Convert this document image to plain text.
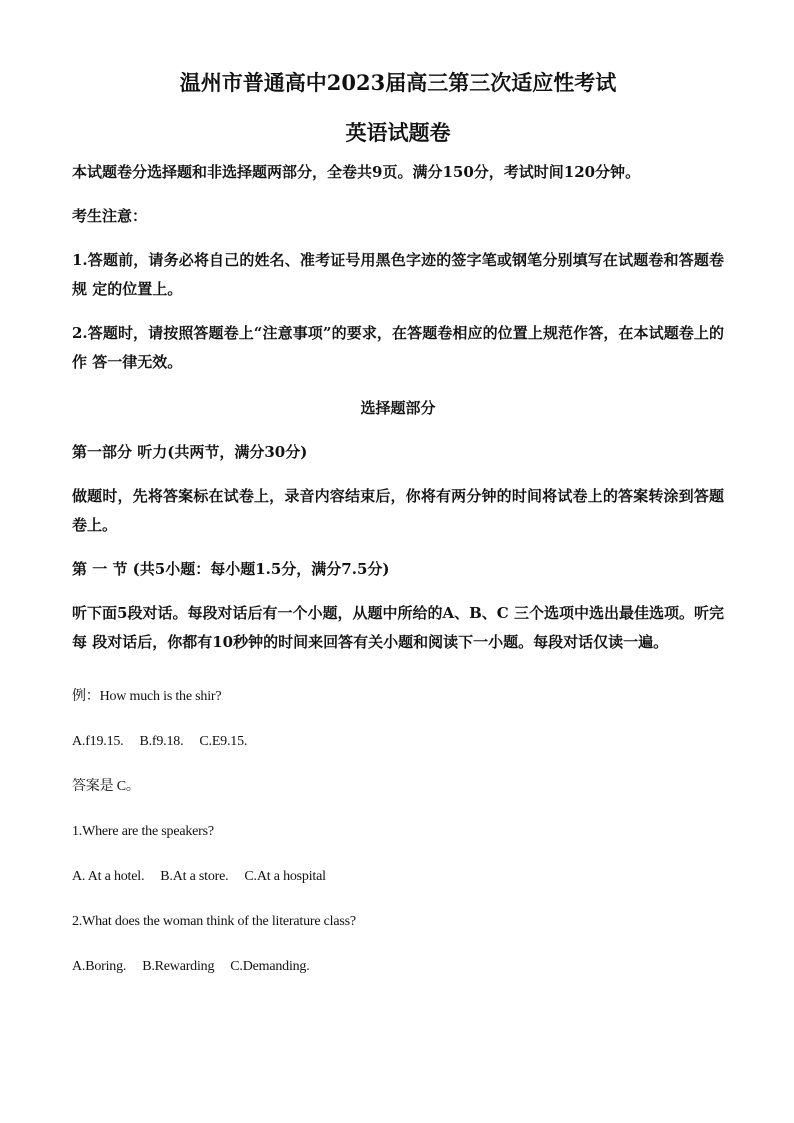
温州市普通高中2023届高三第三次适应性考试
英语试题卷

本试题卷分选择题和非选择题两部分，全卷共9页。满分150分，考试时间120分钟。

考生注意：

1.答题前，请务必将自己的姓名、准考证号用黑色字迹的签字笔或钢笔分别填写在试题卷和答题卷规 定的位置上。

2.答题时，请按照答题卷上“注意事项”的要求，在答题卷相应的位置上规范作答，在本试题卷上的作 答一律无效。

选择题部分

第一部分 听力(共两节，满分30分)

做题时，先将答案标在试卷上，录音内容结束后，你将有两分钟的时间将试卷上的答案转涂到答题 卷上。

第 一 节 (共5小题：每小题1.5分，满分7.5分)

听下面5段对话。每段对话后有一个小题，从题中所给的A、B、C 三个选项中选出最佳选项。听完每 段对话后，你都有10秒钟的时间来回答有关小题和阅读下一小题。每段对话仅读一遍。

例：How much is the shir?

A.f19.15. B.f9.18. C.E9.15.

答案是 C。

1.Where are the speakers?

A. At a hotel. B.At a store. C.At a hospital

2.What does the woman think of the literature class?

A.Boring. B.Rewarding C.Demanding.
